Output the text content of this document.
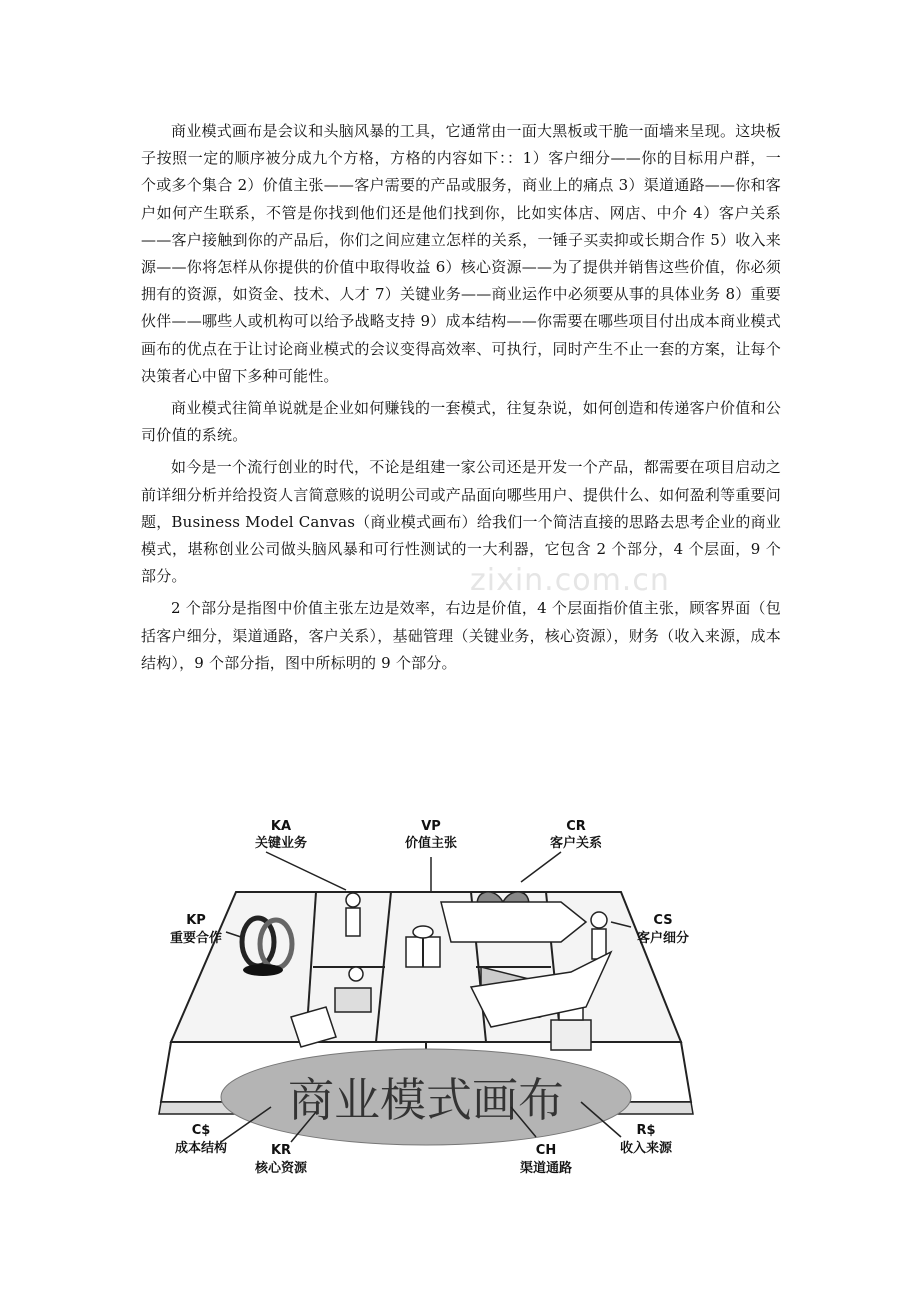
商业模式画布是会议和头脑风暴的工具，它通常由一面大黑板或干脆一面墙来呈现。这块板子按照一定的顺序被分成九个方格，方格的内容如下：：1）客户细分——你的目标用户群，一个或多个集合 2）价值主张——客户需要的产品或服务，商业上的痛点 3）渠道通路——你和客户如何产生联系，不管是你找到他们还是他们找到你，比如实体店、网店、中介 4）客户关系——客户接触到你的产品后，你们之间应建立怎样的关系，一锤子买卖抑或长期合作 5）收入来源——你将怎样从你提供的价值中取得收益 6）核心资源——为了提供并销售这些价值，你必须拥有的资源，如资金、技术、人才 7）关键业务——商业运作中必须要从事的具体业务 8）重要伙伴——哪些人或机构可以给予战略支持 9）成本结构——你需要在哪些项目付出成本商业模式画布的优点在于让讨论商业模式的会议变得高效率、可执行，同时产生不止一套的方案，让每个决策者心中留下多种可能性。

商业模式往简单说就是企业如何赚钱的一套模式，往复杂说，如何创造和传递客户价值和公司价值的系统。

如今是一个流行创业的时代，不论是组建一家公司还是开发一个产品，都需要在项目启动之前详细分析并给投资人言简意赅的说明公司或产品面向哪些用户、提供什么、如何盈利等重要问题，Business Model Canvas（商业模式画布）给我们一个简洁直接的思路去思考企业的商业模式，堪称创业公司做头脑风暴和可行性测试的一大利器，它包含 2 个部分，4 个层面，9 个部分。

2 个部分是指图中价值主张左边是效率，右边是价值，4 个层面指价值主张，顾客界面（包括客户细分，渠道通路，客户关系），基础管理（关键业务，核心资源），财务（收入来源，成本结构），9 个部分指，图中所标明的 9 个部分。

zixin.com.cn
商业模式画布
KA
关键业务
VP
价值主张
CR
客户关系
KP
重要合作
CS
客户细分
C$
成本结构	KR
核心资源
CH
渠道通路
R$
收入来源
